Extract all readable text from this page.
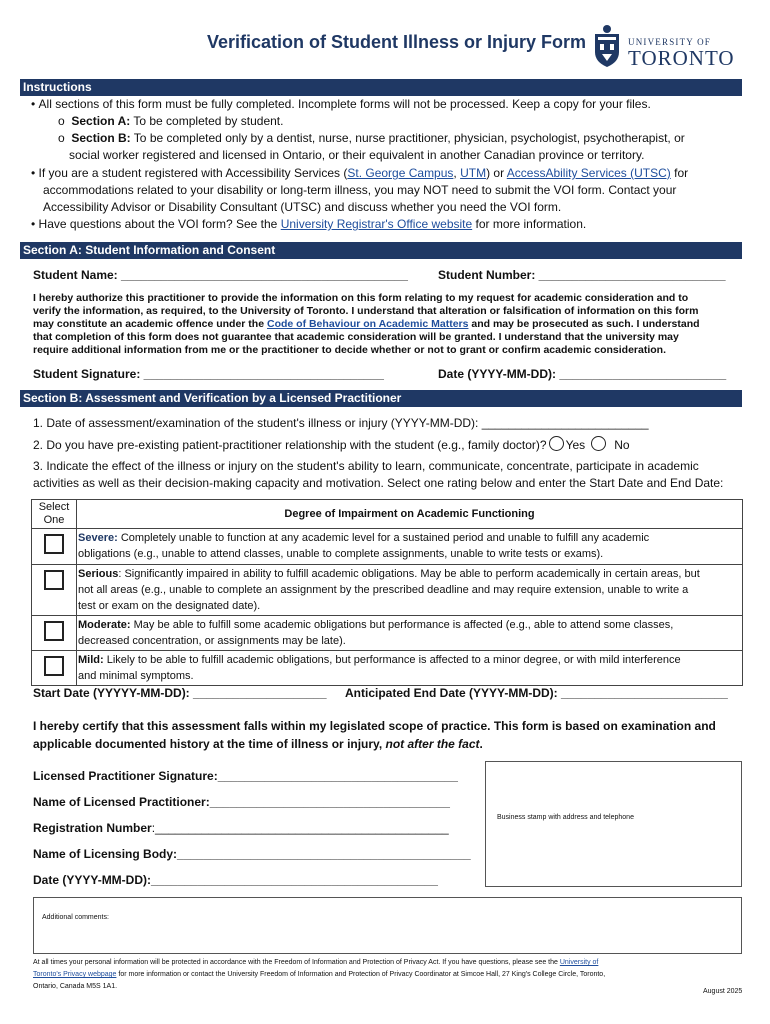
Verification of Student Illness or Injury Form	UNIVERSITY OF
TORONTO
Instructions
• All sections of this form must be fully completed. Incomplete forms will not be processed. Keep a copy for your files.
o  Section A: To be completed by student.
o  Section B: To be completed only by a dentist, nurse, nurse practitioner, physician, psychologist, psychotherapist, or
social worker registered and licensed in Ontario, or their equivalent in another Canadian province or territory.
• If you are a student registered with Accessibility Services (St. George Campus, UTM) or AccessAbility Services (UTSC) for
accommodations related to your disability or long-term illness, you may NOT need to submit the VOI form. Contact your
Accessibility Advisor or Disability Consultant (UTSC) and discuss whether you need the VOI form.
• Have questions about the VOI form? See the University Registrar's Office website for more information.
Section A: Student Information and Consent
Student Name: ___________________________________________	Student Number: ____________________________
I hereby authorize this practitioner to provide the information on this form relating to my request for academic consideration and to
verify the information, as required, to the University of Toronto. I understand that alteration or falsification of information on this form
may constitute an academic offence under the Code of Behaviour on Academic Matters and may be prosecuted as such. I understand
that completion of this form does not guarantee that academic consideration will be granted. I understand that the university may
require additional information from me or the practitioner to decide whether or not to grant or confirm academic consideration.
Student Signature: ____________________________________	Date (YYYY-MM-DD): _________________________
Section B: Assessment and Verification by a Licensed Practitioner
1. Date of assessment/examination of the student's illness or injury (YYYY-MM-DD): _________________________
2. Do you have pre-existing patient-practitioner relationship with the student (e.g., family doctor)? Yes No
3. Indicate the effect of the illness or injury on the student's ability to learn, communicate, concentrate, participate in academic
activities as well as their decision-making capacity and motivation. Select one rating below and enter the Start Date and End Date:
Select
One	Degree of Impairment on Academic Functioning

	Severe: Completely unable to function at any academic level for a sustained period and unable to fulfill any academic
obligations (e.g., unable to attend classes, unable to complete assignments, unable to write tests or exams).

	Serious: Significantly impaired in ability to fulfill academic obligations. May be able to perform academically in certain areas, but
not all areas (e.g., unable to complete an assignment by the prescribed deadline and may require extension, unable to write a
test or exam on the designated date).

	Moderate: May be able to fulfill some academic obligations but performance is affected (e.g., able to attend some classes,
decreased concentration, or assignments may be late).

	Mild: Likely to be able to fulfill academic obligations, but performance is affected to a minor degree, or with mild interference
and minimal symptoms.
Start Date (YYYYY-MM-DD): ____________________ Anticipated End Date (YYYY-MM-DD): _________________________
I hereby certify that this assessment falls within my legislated scope of practice. This form is based on examination and
applicable documented history at the time of illness or injury, not after the fact.
Licensed Practitioner Signature:____________________________________
Name of Licensed Practitioner:____________________________________
Registration Number:____________________________________________
Name of Licensing Body:____________________________________________
Date (YYYY-MM-DD):___________________________________________
Business stamp with address and telephone
Additional comments:
At all times your personal information will be protected in accordance with the Freedom of Information and Protection of Privacy Act. If you have questions, please see the University of
Toronto's Privacy webpage for more information or contact the University Freedom of Information and Protection of Privacy Coordinator at Simcoe Hall, 27 King's College Circle, Toronto,
Ontario, Canada M5S 1A1.
August 2025
